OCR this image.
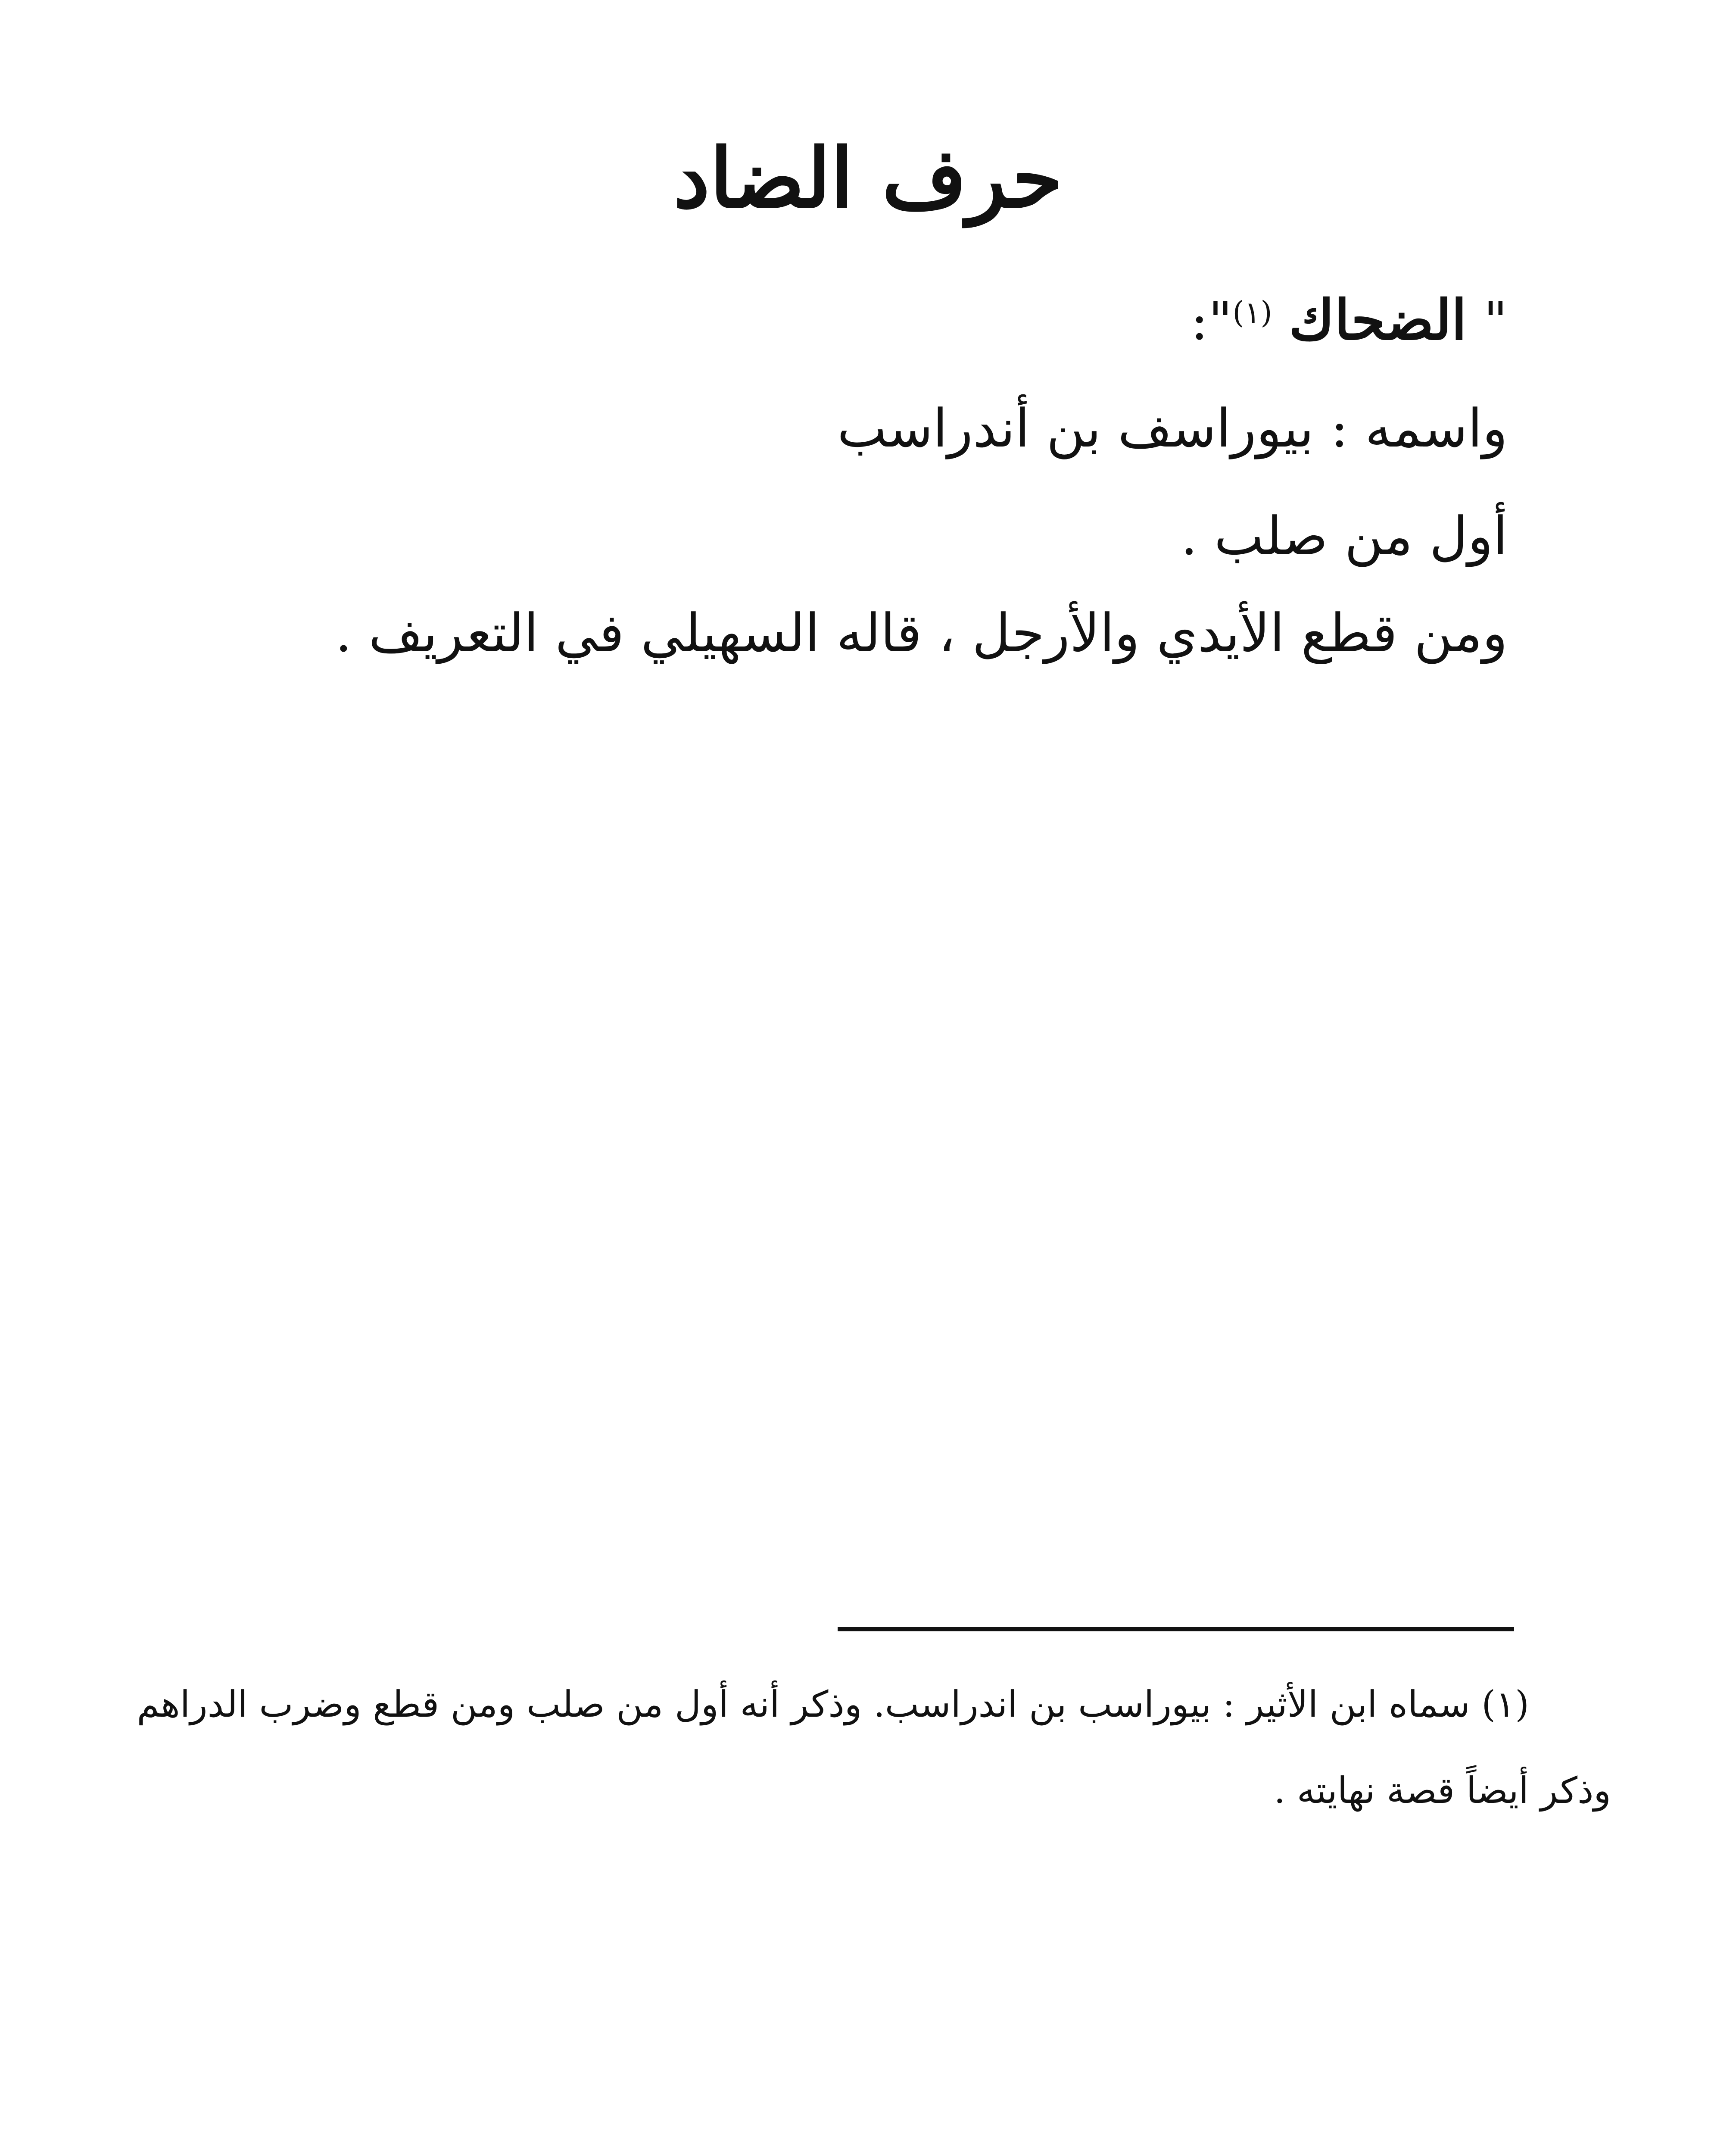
حرف الضاد
" الضحاك $^{(١)}$":
واسمه : بيوراسف بن أندراسب
أول من صلب .
ومن قطع الأيدي والأرجل ، قاله السهيلي في التعريف .
(١) سماه ابن الأثير : بيوراسب بن اندراسب. وذكر أنه أول من صلب ومن قطع وضرب الدراهم
وذكر أيضاً قصة نهايته .
